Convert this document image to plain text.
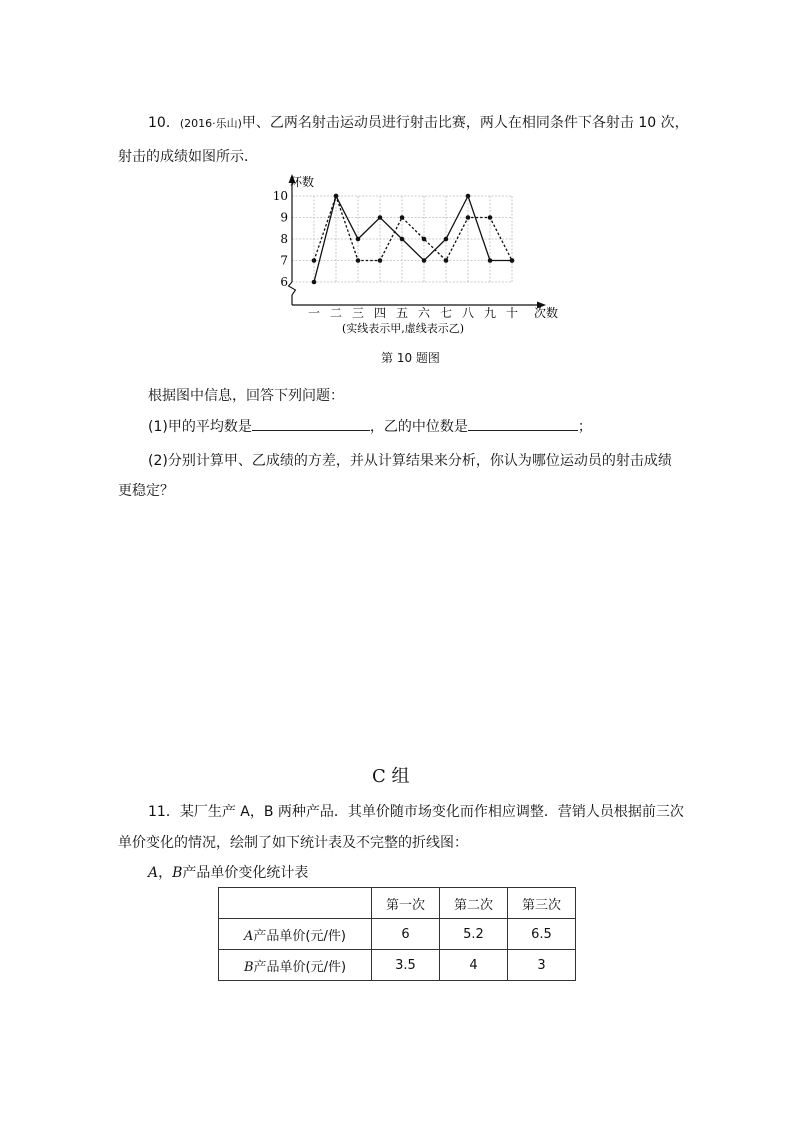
10．(2016·乐山)甲、乙两名射击运动员进行射击比赛，两人在相同条件下各射击 10 次，
射击的成绩如图所示．
6
7
8
9
10
一 二 三 四 五 六 七 八 九 十
环数
次数
(实线表示甲,虚线表示乙)
第 10 题图
根据图中信息，回答下列问题：
(1)甲的平均数是	，乙的中位数是	；
(2)分别计算甲、乙成绩的方差，并从计算结果来分析，你认为哪位运动员的射击成绩
更稳定？
C 组
11．某厂生产 A，B 两种产品．其单价随市场变化而作相应调整．营销人员根据前三次
单价变化的情况，绘制了如下统计表及不完整的折线图：
A，B产品单价变化统计表
	第一次	第二次	第三次
A产品单价(元/件)	6	5.2	6.5
B产品单价(元/件)	3.5	4	3
